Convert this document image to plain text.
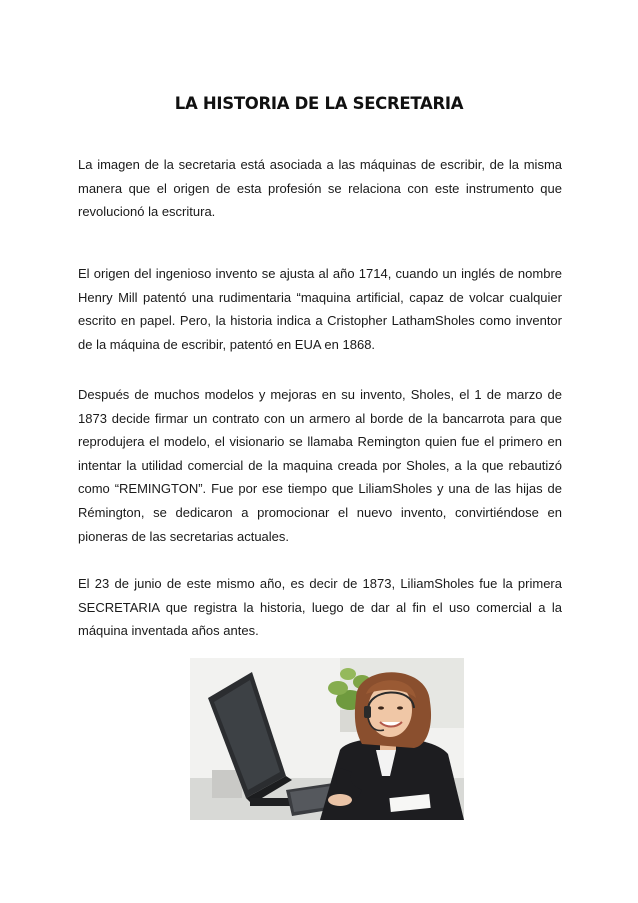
LA HISTORIA DE LA SECRETARIA

La imagen de la secretaria está asociada a las máquinas de escribir, de la misma manera que el origen de esta profesión se relaciona con este instrumento que revolucionó la escritura.

El origen del ingenioso invento se ajusta al año 1714, cuando un inglés de nombre Henry Mill patentó una rudimentaria “maquina artificial, capaz de volcar cualquier escrito en papel. Pero, la historia indica a Cristopher LathamSholes como inventor de la máquina de escribir, patentó en EUA en 1868.

Después de muchos modelos y mejoras en su invento, Sholes, el 1 de marzo de 1873 decide firmar un contrato con un armero al borde de la bancarrota para que reprodujera el modelo, el visionario se llamaba Remington quien fue el primero en intentar la utilidad comercial de la maquina creada por Sholes, a la que rebautizó como “REMINGTON”. Fue por ese tiempo que LiliamSholes y una de las hijas de Rémington, se dedicaron a promocionar el nuevo invento, convirtiéndose en pioneras de las secretarias actuales.

El 23 de junio de este mismo año, es decir de 1873, LiliamSholes fue la primera SECRETARIA que registra la historia, luego de dar al fin el uso comercial a la máquina inventada años antes.
